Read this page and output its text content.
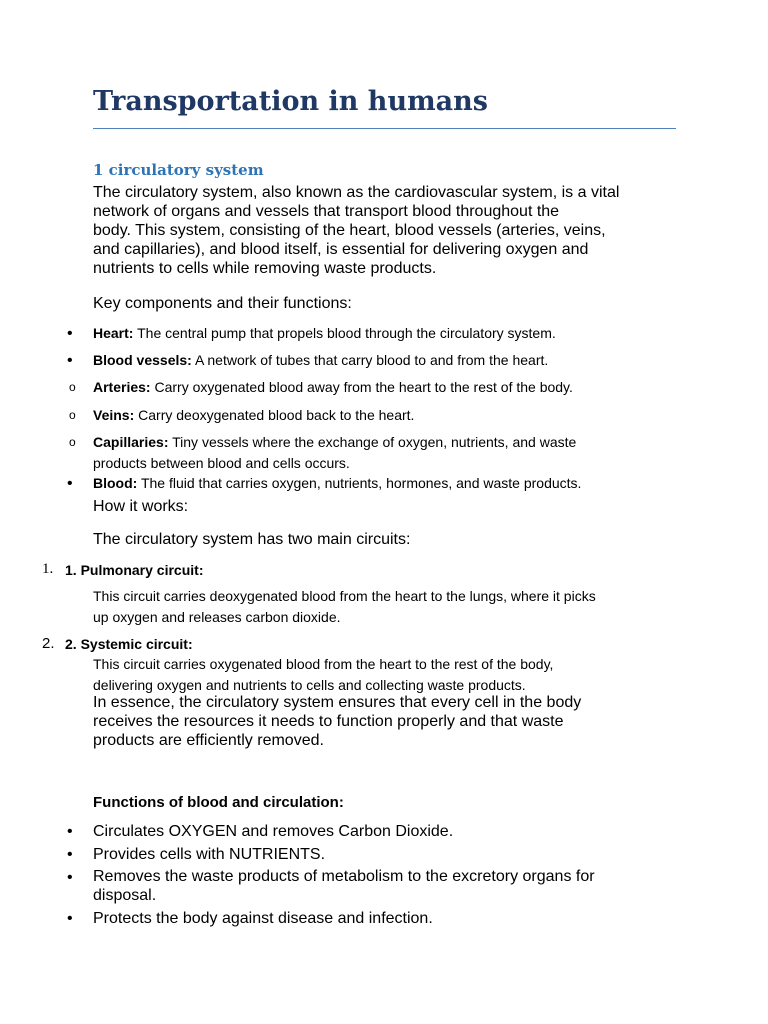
Transportation in humans
1 circulatory system
The circulatory system, also known as the cardiovascular system, is a vital
network of organs and vessels that transport blood throughout the
body. This system, consisting of the heart, blood vessels (arteries, veins,
and capillaries), and blood itself, is essential for delivering oxygen and
nutrients to cells while removing waste products.
Key components and their functions:
• Heart: The central pump that propels blood through the circulatory system.
• Blood vessels: A network of tubes that carry blood to and from the heart.
o Arteries: Carry oxygenated blood away from the heart to the rest of the body.
o Veins: Carry deoxygenated blood back to the heart.
o Capillaries: Tiny vessels where the exchange of oxygen, nutrients, and waste
products between blood and cells occurs.
• Blood: The fluid that carries oxygen, nutrients, hormones, and waste products.
How it works:
The circulatory system has two main circuits:
1. 1. Pulmonary circuit:
This circuit carries deoxygenated blood from the heart to the lungs, where it picks
up oxygen and releases carbon dioxide.
2. 2. Systemic circuit:
This circuit carries oxygenated blood from the heart to the rest of the body,
delivering oxygen and nutrients to cells and collecting waste products.
In essence, the circulatory system ensures that every cell in the body
receives the resources it needs to function properly and that waste
products are efficiently removed.
Functions of blood and circulation:
• Circulates OXYGEN and removes Carbon Dioxide.
• Provides cells with NUTRIENTS.
• Removes the waste products of metabolism to the excretory organs for
disposal.
• Protects the body against disease and infection.
